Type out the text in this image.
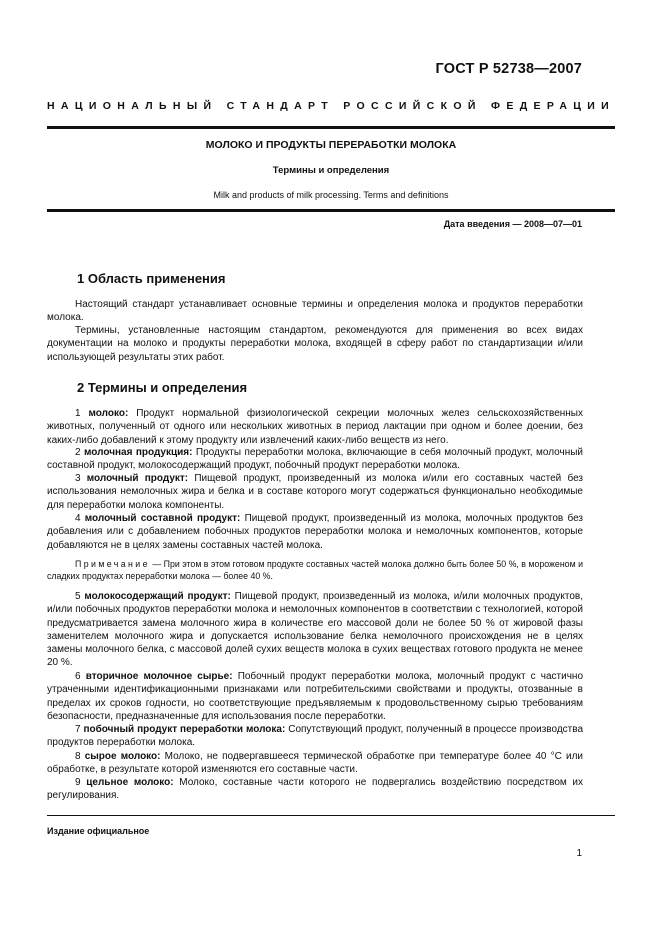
ГОСТ Р 52738—2007
НАЦИОНАЛЬНЫЙ СТАНДАРТ РОССИЙСКОЙ ФЕДЕРАЦИИ
МОЛОКО И ПРОДУКТЫ ПЕРЕРАБОТКИ МОЛОКА
Термины и определения
Milk and products of milk processing. Terms and definitions
Дата введения — 2008—07—01
1 Область применения

Настоящий стандарт устанавливает основные термины и определения молока и продуктов переработки молока.

Термины, установленные настоящим стандартом, рекомендуются для применения во всех видах документации на молоко и продукты переработки молока, входящей в сферу работ по стандартизации и/или использующей результаты этих работ.

2 Термины и определения

1 молоко: Продукт нормальной физиологической секреции молочных желез сельскохозяйственных животных, полученный от одного или нескольких животных в период лактации при одном и более доении, без каких-либо добавлений к этому продукту или извлечений каких-либо веществ из него.

2 молочная продукция: Продукты переработки молока, включающие в себя молочный продукт, молочный составной продукт, молокосодержащий продукт, побочный продукт переработки молока.

3 молочный продукт: Пищевой продукт, произведенный из молока и/или его составных частей без использования немолочных жира и белка и в составе которого могут содержаться функционально необходимые для переработки молока компоненты.

4 молочный составной продукт: Пищевой продукт, произведенный из молока, молочных продуктов без добавления или с добавлением побочных продуктов переработки молока и немолочных компонентов, которые добавляются не в целях замены составных частей молока.

Примечание — При этом в этом готовом продукте составных частей молока должно быть более 50 %, в мороженом и сладких продуктах переработки молока — более 40 %.

5 молокосодержащий продукт: Пищевой продукт, произведенный из молока, и/или молочных продуктов, и/или побочных продуктов переработки молока и немолочных компонентов в соответствии с технологией, которой предусматривается замена молочного жира в количестве его массовой доли не более 50 % от жировой фазы заменителем молочного жира и допускается использование белка немолочного происхождения не в целях замены молочного белка, с массовой долей сухих веществ молока в сухих веществах готового продукта не менее 20 %.

6 вторичное молочное сырье: Побочный продукт переработки молока, молочный продукт с частично утраченными идентификационными признаками или потребительскими свойствами и продукты, отозванные в пределах их сроков годности, но соответствующие предъявляемым к продовольственному сырью требованиям безопасности, предназначенные для использования после переработки.

7 побочный продукт переработки молока: Сопутствующий продукт, полученный в процессе производства продуктов переработки молока.

8 сырое молоко: Молоко, не подвергавшееся термической обработке при температуре более 40 °С или обработке, в результате которой изменяются его составные части.

9 цельное молоко: Молоко, составные части которого не подвергались воздействию посредством их регулирования.

Издание официальное
1
